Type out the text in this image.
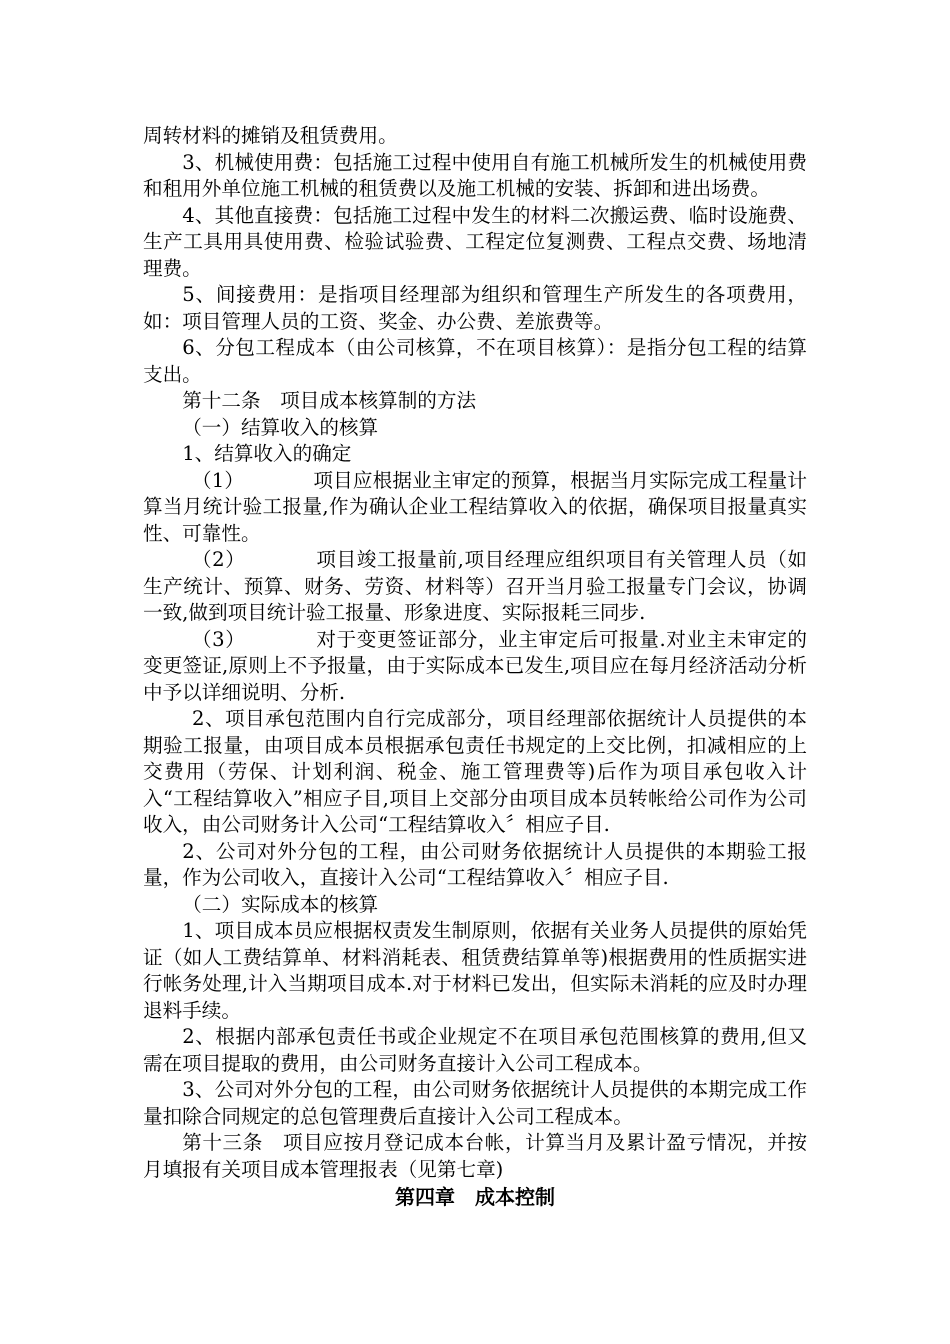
周转材料的摊销及租赁费用。

3、机械使用费：包括施工过程中使用自有施工机械所发生的机械使用费和租用外单位施工机械的租赁费以及施工机械的安装、拆卸和进出场费。

4、其他直接费：包括施工过程中发生的材料二次搬运费、临时设施费、生产工具用具使用费、检验试验费、工程定位复测费、工程点交费、场地清理费。

5、间接费用：是指项目经理部为组织和管理生产所发生的各项费用，如：项目管理人员的工资、奖金、办公费、差旅费等。

6、分包工程成本（由公司核算，不在项目核算）：是指分包工程的结算支出。

第十二条　项目成本核算制的方法

（一）结算收入的核算

1、结算收入的确定

（1）　　　　项目应根据业主审定的预算，根据当月实际完成工程量计算当月统计验工报量,作为确认企业工程结算收入的依据，确保项目报量真实性、可靠性。

（2）　　　　项目竣工报量前,项目经理应组织项目有关管理人员（如生产统计、预算、财务、劳资、材料等）召开当月验工报量专门会议，协调一致,做到项目统计验工报量、形象进度、实际报耗三同步.

（3）　　　　对于变更签证部分，业主审定后可报量.对业主未审定的变更签证,原则上不予报量，由于实际成本已发生,项目应在每月经济活动分析中予以详细说明、分析.

2、项目承包范围内自行完成部分，项目经理部依据统计人员提供的本期验工报量，由项目成本员根据承包责任书规定的上交比例，扣减相应的上交费用（劳保、计划利润、税金、施工管理费等)后作为项目承包收入计入“工程结算收入”相应子目,项目上交部分由项目成本员转帐给公司作为公司收入，由公司财务计入公司“工程结算收入〞相应子目.

2、公司对外分包的工程，由公司财务依据统计人员提供的本期验工报量，作为公司收入，直接计入公司“工程结算收入〞相应子目.

（二）实际成本的核算

1、项目成本员应根据权责发生制原则，依据有关业务人员提供的原始凭证（如人工费结算单、材料消耗表、租赁费结算单等)根据费用的性质据实进行帐务处理,计入当期项目成本.对于材料已发出，但实际未消耗的应及时办理退料手续。

2、根据内部承包责任书或企业规定不在项目承包范围核算的费用,但又需在项目提取的费用，由公司财务直接计入公司工程成本。

3、公司对外分包的工程，由公司财务依据统计人员提供的本期完成工作量扣除合同规定的总包管理费后直接计入公司工程成本。

第十三条　项目应按月登记成本台帐，计算当月及累计盈亏情况，并按月填报有关项目成本管理报表（见第七章)

第四章　成本控制
